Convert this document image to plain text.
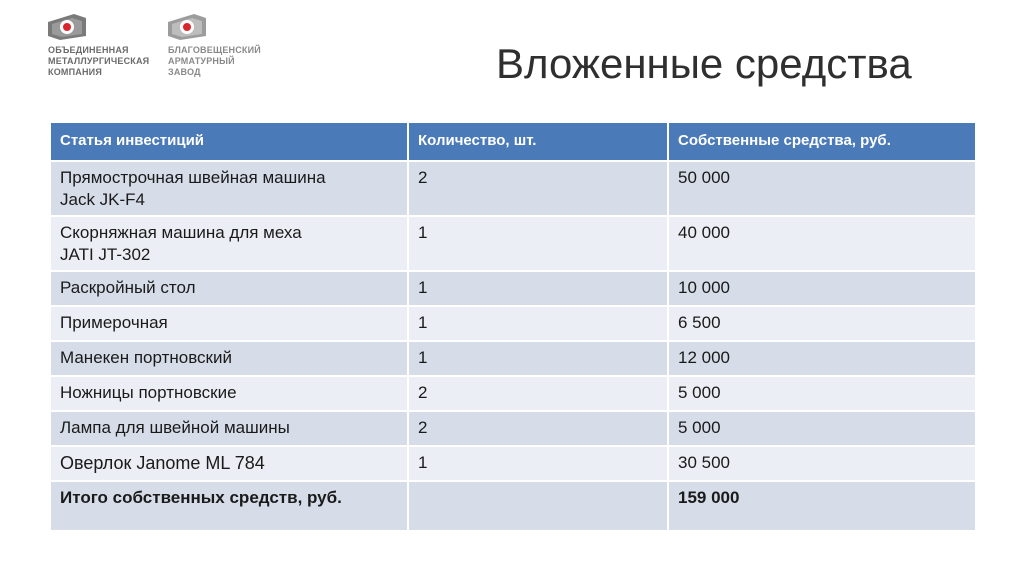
ОБЪЕДИНЕННАЯ
МЕТАЛЛУРГИЧЕСКАЯ
КОМПАНИЯ
БЛАГОВЕЩЕНСКИЙ
АРМАТУРНЫЙ
ЗАВОД	Вложенные средства
Статья инвестиций	Количество, шт.	Собственные средства, руб.
Прямострочная швейная машина
Jack JK-F4	2	50 000
Скорняжная машина для меха
JATI JT-302	1	40 000
Раскройный стол	1	10 000
Примерочная	1	6 500
Манекен портновский	1	12 000
Ножницы портновские	2	5 000
Лампа для швейной машины	2	5 000
Оверлок Janome ML 784	1	30 500
Итого собственных средств, руб.		159 000
